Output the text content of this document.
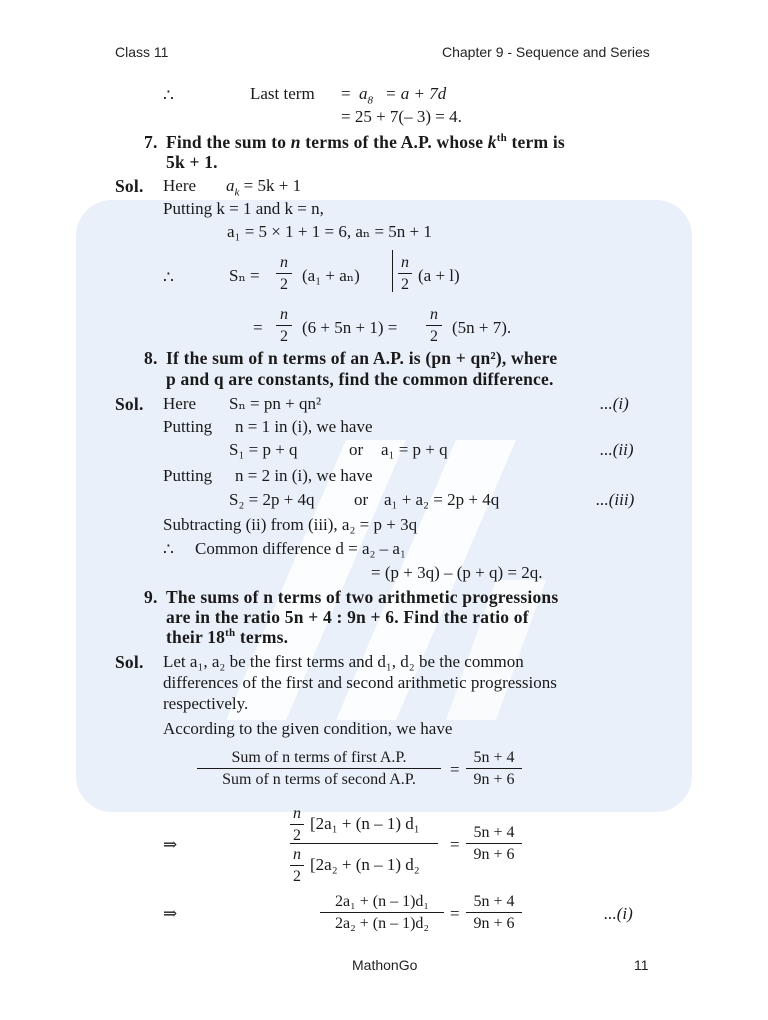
Class 11	Chapter 9 - Sequence and Series
∴	Last term = $a_8 = a + 7d$
= 25 + 7(– 3) = 4.
7. Find the sum to n terms of the A.P. whose $k^{th}$ term is
5k + 1.
Sol. Here $a_k = 5k + 1$
Putting k = 1 and k = n,
a₁ = 5 × 1 + 1 = 6, aₙ = 5n + 1
∴	Sₙ =
n
2 (a₁ + aₙ)
n
2 (a + l)
=
n
2 (6 + 5n + 1) =
n
2 (5n + 7).
8. If the sum of n terms of an A.P. is (pn + qn²), where
p and q are constants, find the common difference.
Sol. Here Sₙ = pn + qn²	...(i)
Putting n = 1 in (i), we have
S₁ = p + q	or a₁ = p + q	...(ii)
Putting n = 2 in (i), we have
S₂ = 2p + 4q or a₁ + a₂ = 2p + 4q	...(iii)
Subtracting (ii) from (iii), a₂ = p + 3q
∴ Common difference d = a₂ – a₁
= (p + 3q) – (p + q) = 2q.
9. The sums of n terms of two arithmetic progressions
are in the ratio 5n + 4 : 9n + 6. Find the ratio of
their 18th terms.
Sol. Let a₁, a₂ be the first terms and d₁, d₂ be the common
differences of the first and second arithmetic progressions
respectively.
According to the given condition, we have
Sum of n terms of first A.P.
Sum of n terms of second A.P.
=
5n + 4
9n + 6
⇒
n
2
[2a₁ + (n – 1) d₁
n
2
[2a₂ + (n – 1) d₂
=
5n + 4
9n + 6
⇒
2a₁ + (n – 1)d₁
2a₂ + (n – 1)d₂
=
5n + 4
9n + 6
...(i)
MathonGo	11
